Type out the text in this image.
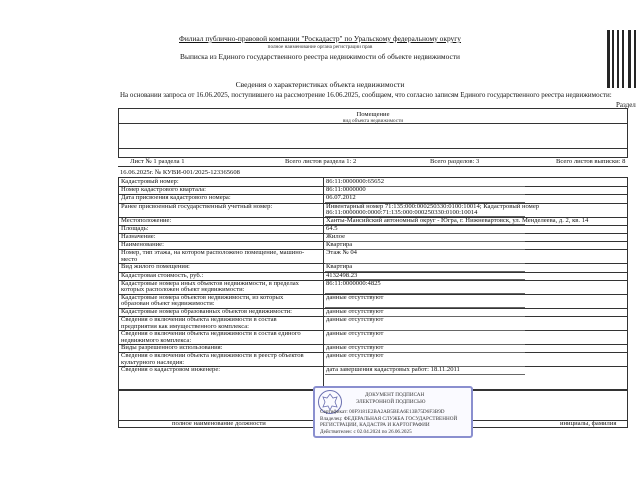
Филиал публично-правовой компании "Роскадастр" по Уральскому федеральному округу
полное наименование органа регистрации прав
Выписка из Единого государственного реестра недвижимости об объекте недвижимости
Сведения о характеристиках объекта недвижимости
На основании запроса от 16.06.2025, поступившего на рассмотрение 16.06.2025, сообщаем, что согласно записям Единого государственного реестра недвижимости:
Раздел
Помещение
вид объекта недвижимости
Лист № 1 раздела 1	Всего листов раздела 1: 2	Всего разделов: 3	Всего листов выписки: 8
16.06.2025г. № КУВИ-001/2025-123365608
Кадастровый номер:	86:11:0000000:65652
Номер кадастрового квартала:	86:11:0000000
Дата присвоения кадастрового номера:	06.07.2012
Ранее присвоенный государственный учетный номер:	Инвентарный номер 71:135:000:000250330:0100:10014; Кадастровый номер
86:11:0000000:0000:71:135:000:000250330:0100:10014
Местоположение:	Ханты-Мансийский автономный округ - Югра, г. Нижневартовск, ул. Менделеева, д. 2, кв. 14
Площадь:	64.5
Назначение:	Жилое
Наименование:	Квартира
Номер, тип этажа, на котором расположено помещение, машино-
место
Этаж № 04
Вид жилого помещения:	Квартира
Кадастровая стоимость, руб.:	4132498.23
Кадастровые номера иных объектов недвижимости, в пределах
которых расположен объект недвижимости:
86:11:0000000:4825
Кадастровые номера объектов недвижимости, из которых
образован объект недвижимости:
данные отсутствуют
Кадастровые номера образованных объектов недвижимости:	данные отсутствуют
Сведения о включении объекта недвижимости в состав
предприятия как имущественного комплекса:
данные отсутствуют
Сведения о включении объекта недвижимости в состав единого
недвижимого комплекса:
данные отсутствуют
Виды разрешенного использования:	данные отсутствуют
Сведения о включении объекта недвижимости в реестр объектов
культурного наследия:
данные отсутствуют
Сведения о кадастровом инженере:	дата завершения кадастровых работ: 18.11.2011
полное наименование должности	инициалы, фамилия
ДОКУМЕНТ ПОДПИСАН
ЭЛЕКТРОННОЙ ПОДПИСЬЮ
Сертификат: 00F9181E2BA2AB5BEA6E13B75D6F3B9D
Владелец: ФЕДЕРАЛЬНАЯ СЛУЖБА ГОСУДАРСТВЕННОЙ
РЕГИСТРАЦИИ, КАДАСТРА И КАРТОГРАФИИ
Действителен: с 02.04.2024 по 26.06.2025
